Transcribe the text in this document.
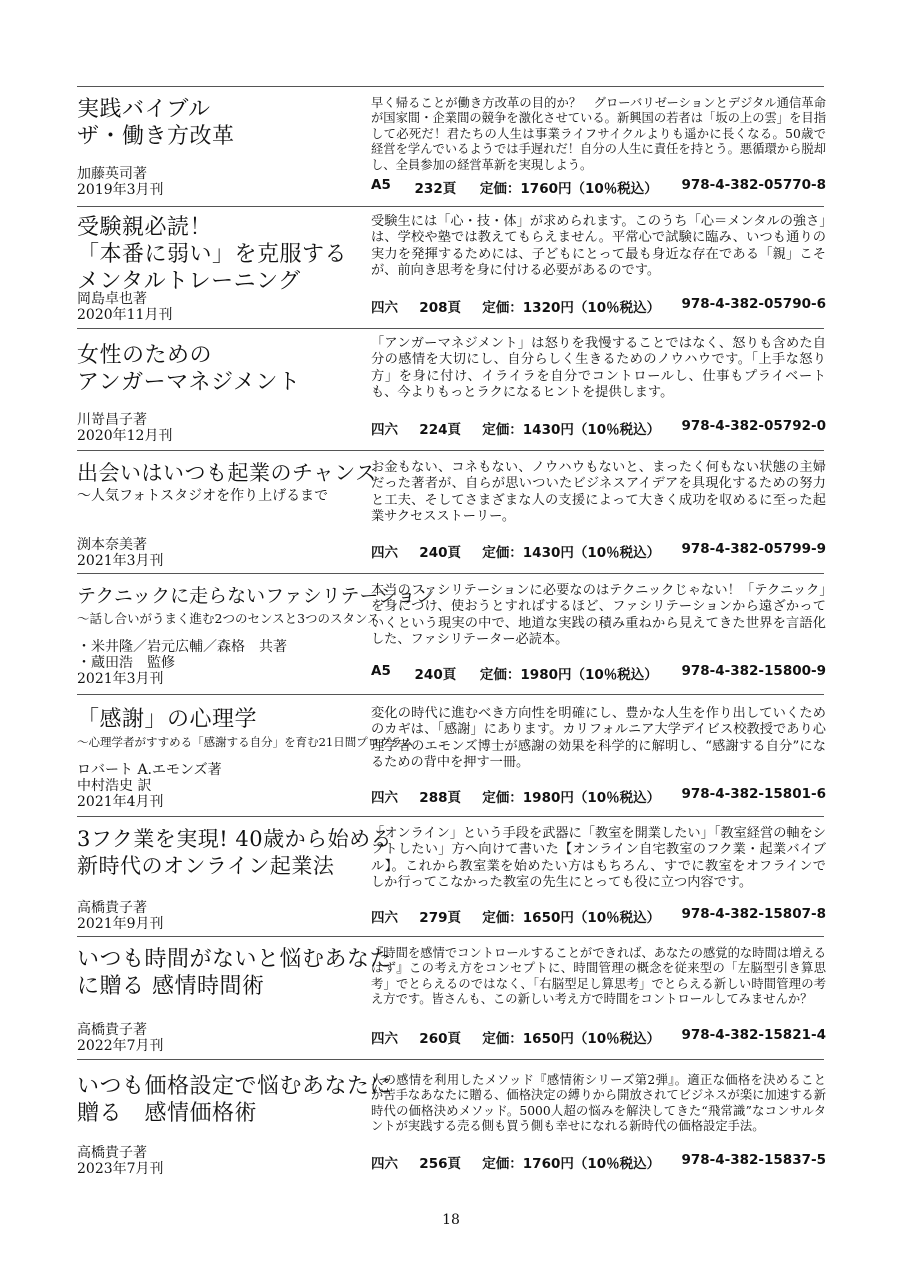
実践バイブル
ザ・働き方改革
加藤英司著
2019年3月刊
早く帰ることが働き方改革の目的か？　グローバリゼーションとデジタル通信革命が国家間・企業間の競争を激化させている。新興国の若者は「坂の上の雲」を目指して必死だ！君たちの人生は事業ライフサイクルよりも遥かに長くなる。50歳で経営を学んでいるようでは手遅れだ！自分の人生に責任を持とう。悪循環から脱却し、全員参加の経営革新を実現しよう。
A5 232頁 定価：1760円（10％税込） 978-4-382-05770-8
受験親必読！
「本番に弱い」を克服する
メンタルトレーニング
岡島卓也著
2020年11月刊
受験生には「心・技・体」が求められます。このうち「心＝メンタルの強さ」は、学校や塾では教えてもらえません。平常心で試験に臨み、いつも通りの実力を発揮するためには、子どもにとって最も身近な存在である「親」こそが、前向き思考を身に付ける必要があるのです。
四六 208頁 定価：1320円（10％税込） 978-4-382-05790-6
女性のための
アンガーマネジメント
川嵜昌子著
2020年12月刊
「アンガーマネジメント」は怒りを我慢することではなく、怒りも含めた自分の感情を大切にし、自分らしく生きるためのノウハウです。「上手な怒り方」を身に付け、イライラを自分でコントロールし、仕事もプライベートも、今よりもっとラクになるヒントを提供します。
四六 224頁 定価：1430円（10％税込） 978-4-382-05792-0
出会いはいつも起業のチャンス
～人気フォトスタジオを作り上げるまで
渕本奈美著
2021年3月刊
お金もない、コネもない、ノウハウもないと、まったく何もない状態の主婦だった著者が、自らが思いついたビジネスアイデアを具現化するための努力と工夫、そしてさまざまな人の支援によって大きく成功を収めるに至った起業サクセスストーリー。
四六 240頁 定価：1430円（10％税込） 978-4-382-05799-9
テクニックに走らないファシリテーション
～話し合いがうまく進む2つのセンスと3つのスタンス
・米井隆／岩元広輔／森格　共著
・蔵田浩　監修
2021年3月刊
本当のファシリテーションに必要なのはテクニックじゃない！「テクニック」を身につけ、使おうとすればするほど、ファシリテーションから遠ざかっていくという現実の中で、地道な実践の積み重ねから見えてきた世界を言語化した、ファシリテーター必読本。
A5 240頁 定価：1980円（10％税込） 978-4-382-15800-9
「感謝」の心理学
～心理学者がすすめる「感謝する自分」を育む21日間プログラム
ロバート A.エモンズ著
中村浩史 訳
2021年4月刊
変化の時代に進むべき方向性を明確にし、豊かな人生を作り出していくためのカギは、「感謝」にあります。カリフォルニア大学デイビス校教授であり心理学者のエモンズ博士が感謝の効果を科学的に解明し、“感謝する自分”になるための背中を押す一冊。
四六 288頁 定価：1980円（10％税込） 978-4-382-15801-6
3フク業を実現! 40歳から始める
新時代のオンライン起業法
高橋貴子著
2021年9月刊
「オンライン」という手段を武器に「教室を開業したい」「教室経営の軸をシフトしたい」方へ向けて書いた【オンライン自宅教室のフク業・起業バイブル】。これから教室業を始めたい方はもちろん、すでに教室をオフラインでしか行ってこなかった教室の先生にとっても役に立つ内容です。
四六 279頁 定価：1650円（10％税込） 978-4-382-15807-8
いつも時間がないと悩むあなた
に贈る 感情時間術
高橋貴子著
2022年7月刊
『時間を感情でコントロールすることができれば、あなたの感覚的な時間は増えるはず』この考え方をコンセプトに、時間管理の概念を従来型の「左脳型引き算思考」でとらえるのではなく、「右脳型足し算思考」でとらえる新しい時間管理の考え方です。皆さんも、この新しい考え方で時間をコントロールしてみませんか？
四六 260頁 定価：1650円（10％税込） 978-4-382-15821-4
いつも価格設定で悩むあなたに
贈る　感情価格術
高橋貴子著
2023年7月刊
人の感情を利用したメソッド『感情術シリーズ第2弾』。適正な価格を決めることが苦手なあなたに贈る、価格決定の縛りから開放されてビジネスが楽に加速する新時代の価格決めメソッド。5000人超の悩みを解決してきた“飛常識”なコンサルタントが実践する売る側も買う側も幸せになれる新時代の価格設定手法。
四六 256頁 定価：1760円（10％税込） 978-4-382-15837-5
18
